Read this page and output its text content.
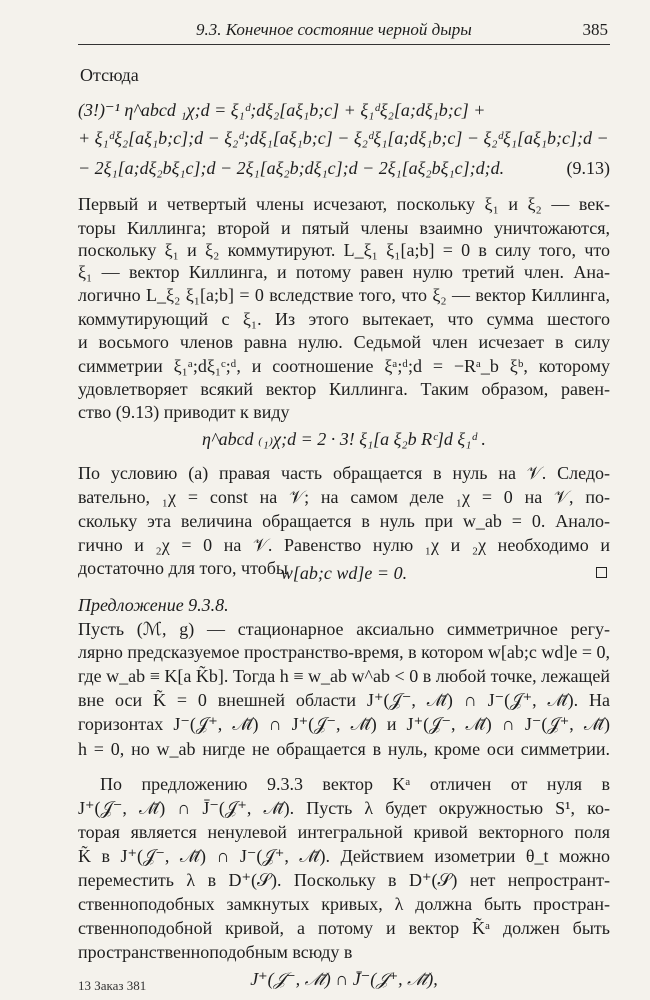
9.3. Конечное состояние черной дыры	385
Отсюда
(3!)⁻¹ η^abcd ₁χ;d = ξ₁ᵈ;dξ₂[aξ₁b;c] + ξ₁ᵈξ₂[a;dξ₁b;c] +
+ ξ₁ᵈξ₂[aξ₁b;c];d − ξ₂ᵈ;dξ₁[aξ₁b;c] − ξ₂ᵈξ₁[a;dξ₁b;c] − ξ₂ᵈξ₁[aξ₁b;c];d −
− 2ξ₁[a;dξ₂bξ₁c];d − 2ξ₁[aξ₂b;dξ₁c];d − 2ξ₁[aξ₂bξ₁c];d;d.	(9.13)
Первый и четвертый члены исчезают, поскольку ξ₁ и ξ₂ — век-
торы Киллинга; второй и пятый члены взаимно уничтожаются,
поскольку ξ₁ и ξ₂ коммутируют. L_ξ₁ ξ₁[a;b] = 0 в силу того, что
ξ₁ — вектор Киллинга, и потому равен нулю третий член. Ана-
логично L_ξ₂ ξ₁[a;b] = 0 вследствие того, что ξ₂ — вектор Киллинга,
коммутирующий с ξ₁. Из этого вытекает, что сумма шестого
и восьмого членов равна нулю. Седьмой член исчезает в силу
симметрии ξ₁ᵃ;dξ₁ᶜ;ᵈ, и соотношение ξᵃ;ᵈ;d = −Rᵃ_b ξᵇ, которому
удовлетворяет всякий вектор Киллинга. Таким образом, равен-
ство (9.13) приводит к виду
η^abcd ₍₁₎χ;d = 2 · 3! ξ₁[a ξ₂b Rᶜ]d ξ₁ᵈ .
По условию (а) правая часть обращается в нуль на 𝒱. Следо-
вательно, ₁χ = const на 𝒱; на самом деле ₁χ = 0 на 𝒱, по-
скольку эта величина обращается в нуль при w_ab = 0. Анало-
гично и ₂χ = 0 на 𝒱. Равенство нулю ₁χ и ₂χ необходимо и
достаточно для того, чтобы
w[ab;c wd]e = 0.
Предложение 9.3.8.
Пусть (ℳ, g) — стационарное аксиально симметричное регу-
лярно предсказуемое пространство-время, в котором w[ab;c wd]e = 0,
где w_ab ≡ K[a K̃b]. Тогда h ≡ w_ab w^ab < 0 в любой точке, лежащей
вне оси K̃ = 0 внешней области J⁺(𝒥⁻, ℳ̄) ∩ J⁻(𝒥⁺, ℳ̄). На
горизонтах J⁻(𝒥⁺, ℳ̄) ∩ J⁺(𝒥⁻, ℳ̄) и J⁺(𝒥⁻, ℳ̄) ∩ J⁻(𝒥⁺, ℳ̄)
h = 0, но w_ab нигде не обращается в нуль, кроме оси симметрии.
По предложению 9.3.3 вектор Kᵃ отличен от нуля в
J⁺(𝒥⁻, ℳ̄) ∩ J̄⁻(𝒥⁺, ℳ̄). Пусть λ будет окружностью S¹, ко-
торая является ненулевой интегральной кривой векторного поля
K̃ в J⁺(𝒥⁻, ℳ̄) ∩ J⁻(𝒥⁺, ℳ̄). Действием изометрии θ_t можно
переместить λ в D⁺(𝒮). Поскольку в D⁺(𝒮) нет непространт-
ственноподобных замкнутых кривых, λ должна быть простран-
ственноподобной кривой, а потому и вектор K̃ᵃ должен быть
пространственноподобным всюду в
J⁺(𝒥⁻, ℳ̄) ∩ J̄⁻(𝒥⁺, ℳ̄),
13 Заказ 381
